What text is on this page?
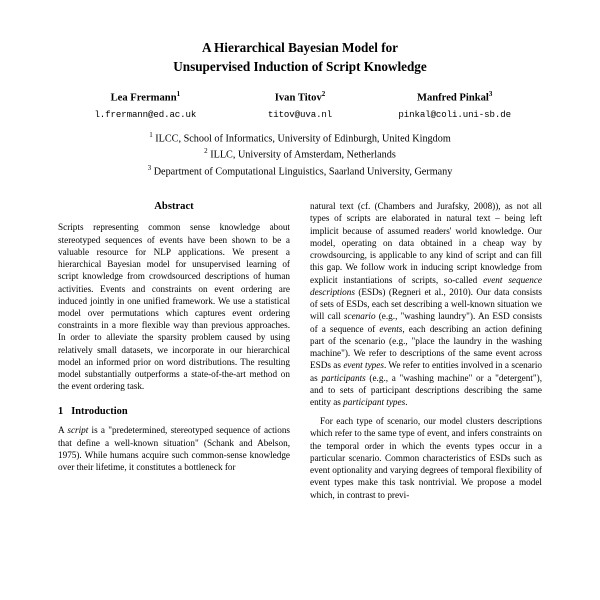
A Hierarchical Bayesian Model for
Unsupervised Induction of Script Knowledge
Lea Frermann$^1$
l.frermann@ed.ac.uk
Ivan Titov$^2$
titov@uva.nl
Manfred Pinkal$^3$
pinkal@coli.uni-sb.de
$^1$ ILCC, School of Informatics, University of Edinburgh, United Kingdom
$^2$ ILLC, University of Amsterdam, Netherlands
$^3$ Department of Computational Linguistics, Saarland University, Germany
Abstract

Scripts representing common sense knowledge about stereotyped sequences of events have been shown to be a valuable resource for NLP applications. We present a hierarchical Bayesian model for unsupervised learning of script knowledge from crowdsourced descriptions of human activities. Events and constraints on event ordering are induced jointly in one unified framework. We use a statistical model over permutations which captures event ordering constraints in a more flexible way than previous approaches. In order to alleviate the sparsity problem caused by using relatively small datasets, we incorporate in our hierarchical model an informed prior on word distributions. The resulting model substantially outperforms a state-of-the-art method on the event ordering task.

1 Introduction

A script is a "predetermined, stereotyped sequence of actions that define a well-known situation" (Schank and Abelson, 1975). While humans acquire such common-sense knowledge over their lifetime, it constitutes a bottleneck for

natural text (cf. (Chambers and Jurafsky, 2008)), as not all types of scripts are elaborated in natural text – being left implicit because of assumed readers' world knowledge. Our model, operating on data obtained in a cheap way by crowdsourcing, is applicable to any kind of script and can fill this gap. We follow work in inducing script knowledge from explicit instantiations of scripts, so-called event sequence descriptions (ESDs) (Regneri et al., 2010). Our data consists of sets of ESDs, each set describing a well-known situation we will call scenario (e.g., "washing laundry"). An ESD consists of a sequence of events, each describing an action defining part of the scenario (e.g., "place the laundry in the washing machine"). We refer to descriptions of the same event across ESDs as event types. We refer to entities involved in a scenario as participants (e.g., a "washing machine" or a "detergent"), and to sets of participant descriptions describing the same entity as participant types.

For each type of scenario, our model clusters descriptions which refer to the same type of event, and infers constraints on the temporal order in which the events types occur in a particular scenario. Common characteristics of ESDs such as event optionality and varying degrees of temporal flexibility of event types make this task nontrivial. We propose a model which, in contrast to previ-
